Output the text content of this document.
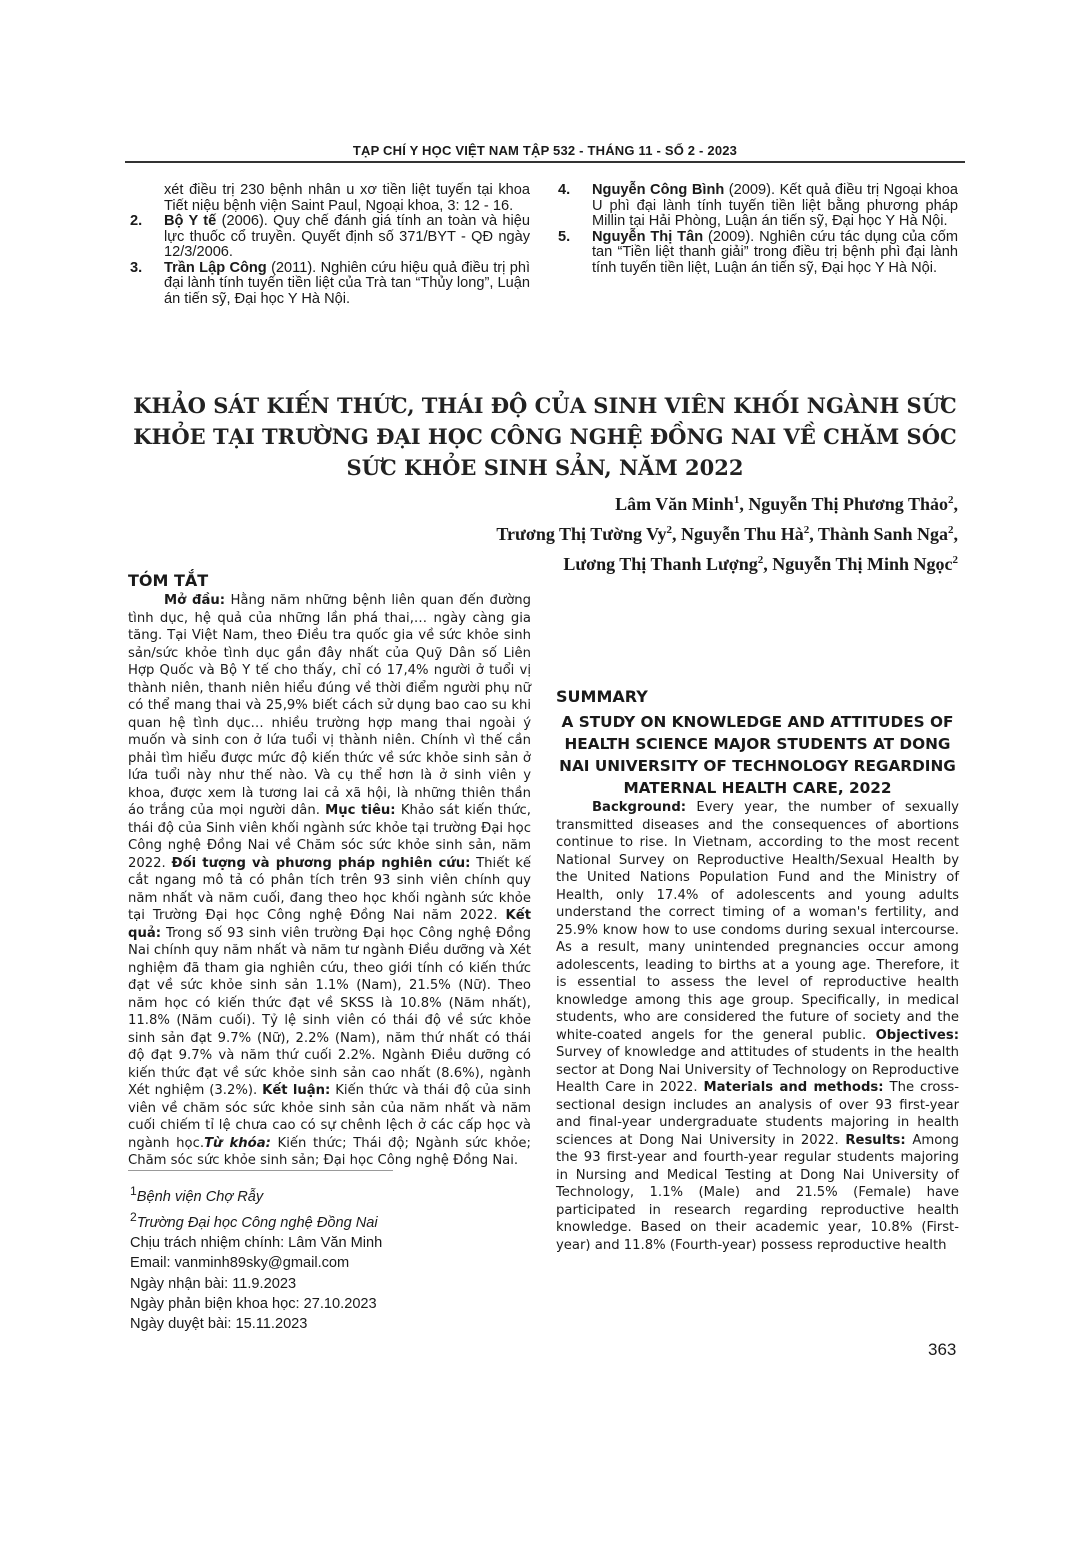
TẠP CHÍ Y HỌC VIỆT NAM TẬP 532 - THÁNG 11 - SỐ 2 - 2023
xét điều trị 230 bệnh nhân u xơ tiền liệt tuyến tại khoa Tiết niệu bệnh viện Saint Paul, Ngoại khoa, 3: 12 - 16.
2. Bộ Y tế (2006). Quy chế đánh giá tính an toàn và hiệu lực thuốc cổ truyền. Quyết định số 371/BYT - QĐ ngày 12/3/2006.
3. Trần Lập Công (2011). Nghiên cứu hiệu quả điều trị phì đại lành tính tuyến tiền liệt của Trà tan “Thủy long”, Luận án tiến sỹ, Đại học Y Hà Nội.
4. Nguyễn Công Bình (2009). Kết quả điều trị Ngoại khoa U phì đại lành tính tuyến tiền liệt bằng phương pháp Millin tại Hải Phòng, Luận án tiến sỹ, Đại học Y Hà Nội.
5. Nguyễn Thị Tân (2009). Nghiên cứu tác dụng của cốm tan “Tiền liệt thanh giải” trong điều trị bệnh phì đại lành tính tuyến tiền liệt, Luận án tiến sỹ, Đại học Y Hà Nội.
KHẢO SÁT KIẾN THỨC, THÁI ĐỘ CỦA SINH VIÊN KHỐI NGÀNH SỨC KHỎE TẠI TRƯỜNG ĐẠI HỌC CÔNG NGHỆ ĐỒNG NAI VỀ CHĂM SÓC SỨC KHỎE SINH SẢN, NĂM 2022
Lâm Văn Minh$^1$, Nguyễn Thị Phương Thảo$^2$,
Trương Thị Tường Vy$^2$, Nguyễn Thu $Hà^2$, Thành Sanh Nga$^2$,
Lương Thị Thanh Lượng$^2$, Nguyễn Thị Minh Ngọc$^2$
TÓM TẮT

Mở đầu: Hằng năm những bệnh liên quan đến đường tình dục, hệ quả của những lần phá thai,… ngày càng gia tăng. Tại Việt Nam, theo Điều tra quốc gia về sức khỏe sinh sản/sức khỏe tình dục gần đây nhất của Quỹ Dân số Liên Hợp Quốc và Bộ Y tế cho thấy, chỉ có 17,4% người ở tuổi vị thành niên, thanh niên hiểu đúng về thời điểm người phụ nữ có thể mang thai và 25,9% biết cách sử dụng bao cao su khi quan hệ tình dục… nhiều trường hợp mang thai ngoài ý muốn và sinh con ở lứa tuổi vị thành niên. Chính vì thế cần phải tìm hiểu được mức độ kiến thức về sức khỏe sinh sản ở lứa tuổi này như thế nào. Và cụ thể hơn là ở sinh viên y khoa, được xem là tương lai cả xã hội, là những thiên thần áo trắng của mọi người dân. Mục tiêu: Khảo sát kiến thức, thái độ của Sinh viên khối ngành sức khỏe tại trường Đại học Công nghệ Đồng Nai về Chăm sóc sức khỏe sinh sản, năm 2022. Đối tượng và phương pháp nghiên cứu: Thiết kế cắt ngang mô tả có phân tích trên 93 sinh viên chính quy năm nhất và năm cuối, đang theo học khối ngành sức khỏe tại Trường Đại học Công nghệ Đồng Nai năm 2022. Kết quả: Trong số 93 sinh viên trường Đại học Công nghệ Đồng Nai chính quy năm nhất và năm tư ngành Điều dưỡng và Xét nghiệm đã tham gia nghiên cứu, theo giới tính có kiến thức đạt về sức khỏe sinh sản 1.1% (Nam), 21.5% (Nữ). Theo năm học có kiến thức đạt về SKSS là 10.8% (Năm nhất), 11.8% (Năm cuối). Tỷ lệ sinh viên có thái độ về sức khỏe sinh sản đạt 9.7% (Nữ), 2.2% (Nam), năm thứ nhất có thái độ đạt 9.7% và năm thứ cuối 2.2%. Ngành Điều dưỡng có kiến thức đạt về sức khỏe sinh sản cao nhất (8.6%), ngành Xét nghiệm (3.2%). Kết luận: Kiến thức và thái độ của sinh viên về chăm sóc sức khỏe sinh sản của năm nhất và năm cuối chiếm tỉ lệ chưa cao có sự chênh lệch ở các cấp học và ngành học.Từ khóa: Kiến thức; Thái độ; Ngành sức khỏe; Chăm sóc sức khỏe sinh sản; Đại học Công nghệ Đồng Nai.

SUMMARY
A STUDY ON KNOWLEDGE AND ATTITUDES OF HEALTH SCIENCE MAJOR STUDENTS AT DONG NAI UNIVERSITY OF TECHNOLOGY REGARDING MATERNAL HEALTH CARE, 2022

Background: Every year, the number of sexually transmitted diseases and the consequences of abortions continue to rise. In Vietnam, according to the most recent National Survey on Reproductive Health/Sexual Health by the United Nations Population Fund and the Ministry of Health, only 17.4% of adolescents and young adults understand the correct timing of a woman's fertility, and 25.9% know how to use condoms during sexual intercourse. As a result, many unintended pregnancies occur among adolescents, leading to births at a young age. Therefore, it is essential to assess the level of reproductive health knowledge among this age group. Specifically, in medical students, who are considered the future of society and the white-coated angels for the general public. Objectives: Survey of knowledge and attitudes of students in the health sector at Dong Nai University of Technology on Reproductive Health Care in 2022. Materials and methods: The cross-sectional design includes an analysis of over 93 first-year and final-year undergraduate students majoring in health sciences at Dong Nai University in 2022. Results: Among the 93 first-year and fourth-year regular students majoring in Nursing and Medical Testing at Dong Nai University of Technology, 1.1% (Male) and 21.5% (Female) have participated in research regarding reproductive health knowledge. Based on their academic year, 10.8% (First-year) and 11.8% (Fourth-year) possess reproductive health

$^1$Bệnh viện Chợ Rẫy
$^2$Trường Đại học Công nghệ Đồng Nai
Chịu trách nhiệm chính: Lâm Văn Minh
Email: vanminh89sky@gmail.com
Ngày nhận bài: 11.9.2023
Ngày phản biện khoa học: 27.10.2023
Ngày duyệt bài: 15.11.2023
363
